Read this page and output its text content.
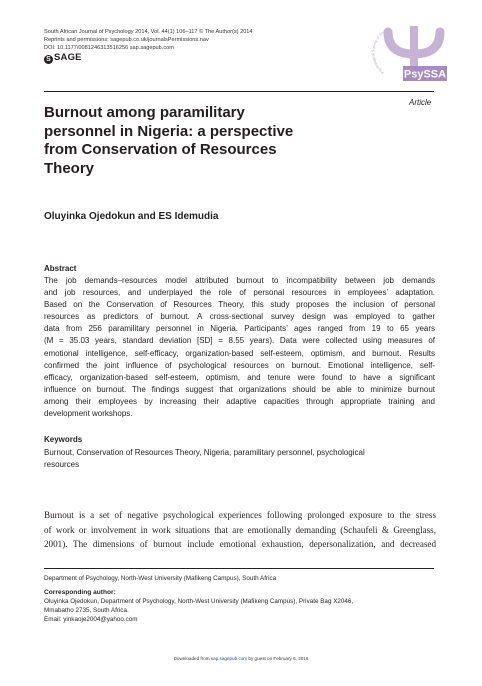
South African Journal of Psychology 2014, Vol. 44(1) 106–117 © The Author(s) 2014
Reprints and permissions: sagepub.co.uk/journalsPermissions.nav
DOI: 10.1177/0081246313516256 sap.sagepub.com
S SAGE
Psychological Society of Sout
PsySSA
Article
Burnout among paramilitary
personnel in Nigeria: a perspective
from Conservation of Resources
Theory
Oluyinka Ojedokun and ES Idemudia
Abstract
The job demands–resources model attributed burnout to incompatibility between job demands
and job resources, and underplayed the role of personal resources in employees’ adaptation.
Based on the Conservation of Resources Theory, this study proposes the inclusion of personal
resources as predictors of burnout. A cross-sectional survey design was employed to gather
data from 256 paramilitary personnel in Nigeria. Participants’ ages ranged from 19 to 65 years
(M = 35.03 years, standard deviation [SD] = 8.55 years). Data were collected using measures of
emotional intelligence, self-efficacy, organization-based self-esteem, optimism, and burnout. Results
confirmed the joint influence of psychological resources on burnout. Emotional intelligence, self-
efficacy, organization-based self-esteem, optimism, and tenure were found to have a significant
influence on burnout. The findings suggest that organizations should be able to minimize burnout
among their employees by increasing their adaptive capacities through appropriate training and
development workshops.
Keywords
Burnout, Conservation of Resources Theory, Nigeria, paramilitary personnel, psychological
resources
Burnout is a set of negative psychological experiences following prolonged exposure to the stress
of work or involvement in work situations that are emotionally demanding (Schaufeli & Greenglass,
2001). The dimensions of burnout include emotional exhaustion, depersonalization, and decreased
Department of Psychology, North-West University (Mafikeng Campus), South Africa
Corresponding author:
Oluyinka Ojedokun, Department of Psychology, North-West University (Mafikeng Campus), Private Bag X2046,
Mmabatho 2735, South Africa.
Email: yinkaoje2004@yahoo.com
Downloaded from sap.sagepub.com by guest on February 6, 2016
